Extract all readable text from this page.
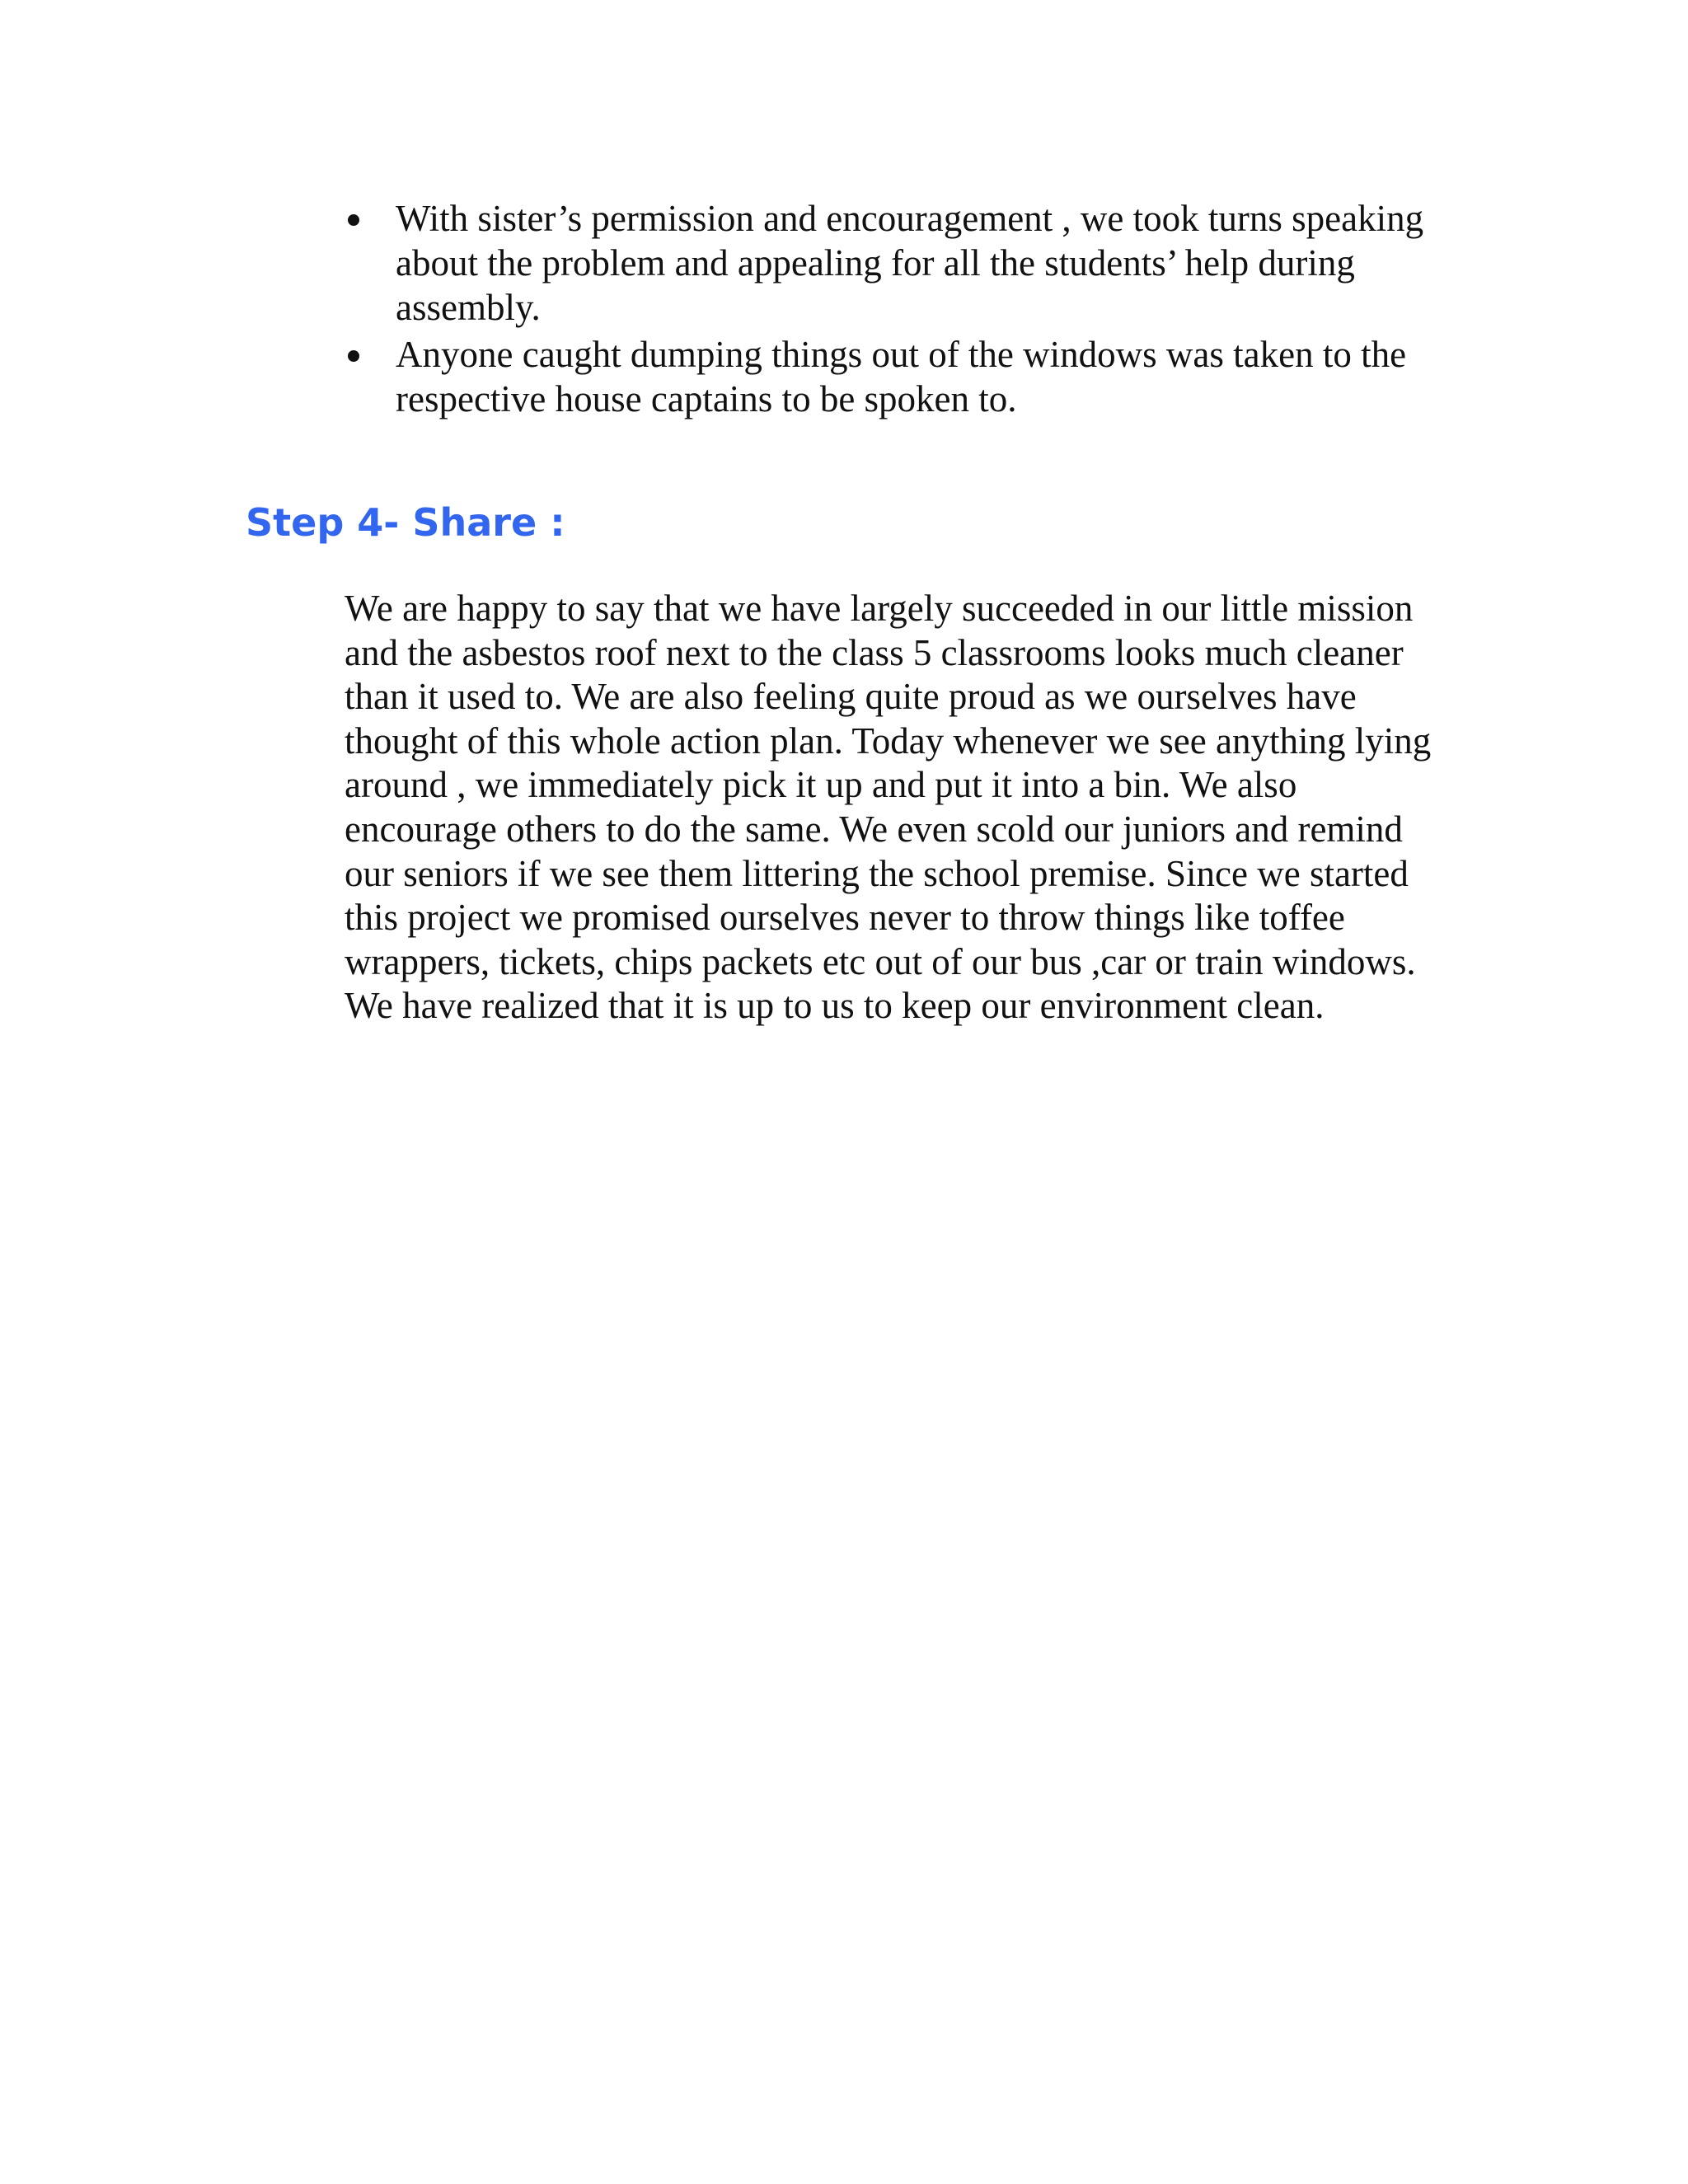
With sister’s permission and encouragement , we took turns speaking about the problem and appealing for all the students’ help during assembly.
Anyone caught dumping things out of the windows was taken to the respective house captains to be spoken to.
Step 4- Share :

We are happy to say that we have largely succeeded in our little mission and the asbestos roof next to the class 5 classrooms looks much cleaner than it used to. We are also feeling quite proud as we ourselves have thought of this whole action plan. Today whenever we see anything lying around , we immediately pick it up and put it into a bin. We also encourage others to do the same. We even scold our juniors and remind our seniors if we see them littering the school premise. Since we started this project we promised ourselves never to throw things like toffee wrappers, tickets, chips packets etc out of our bus ,car or train windows. We have realized that it is up to us to keep our environment clean.
